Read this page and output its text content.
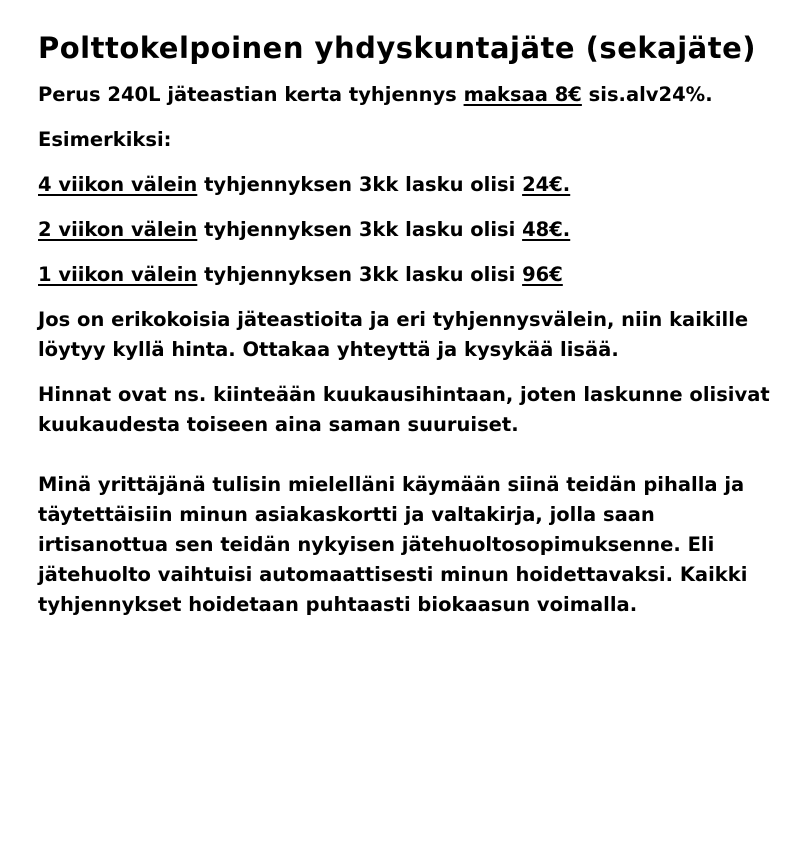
Polttokelpoinen yhdyskuntajäte (sekajäte)

Perus 240L jäteastian kerta tyhjennys maksaa 8€ sis.alv24%.

Esimerkiksi:

4 viikon välein tyhjennyksen 3kk lasku olisi 24€.

2 viikon välein tyhjennyksen 3kk lasku olisi 48€.

1 viikon välein tyhjennyksen 3kk lasku olisi 96€

Jos on erikokoisia jäteastioita ja eri tyhjennysvälein, niin kaikille löytyy kyllä hinta. Ottakaa yhteyttä ja kysykää lisää.

Hinnat ovat ns. kiinteään kuukausihintaan, joten laskunne olisivat kuukaudesta toiseen aina saman suuruiset.

Minä yrittäjänä tulisin mielelläni käymään siinä teidän pihalla ja täytettäisiin minun asiakaskortti ja valtakirja, jolla saan irtisanottua sen teidän nykyisen jätehuoltosopimuksenne. Eli jätehuolto vaihtuisi automaattisesti minun hoidettavaksi. Kaikki tyhjennykset hoidetaan puhtaasti biokaasun voimalla.
